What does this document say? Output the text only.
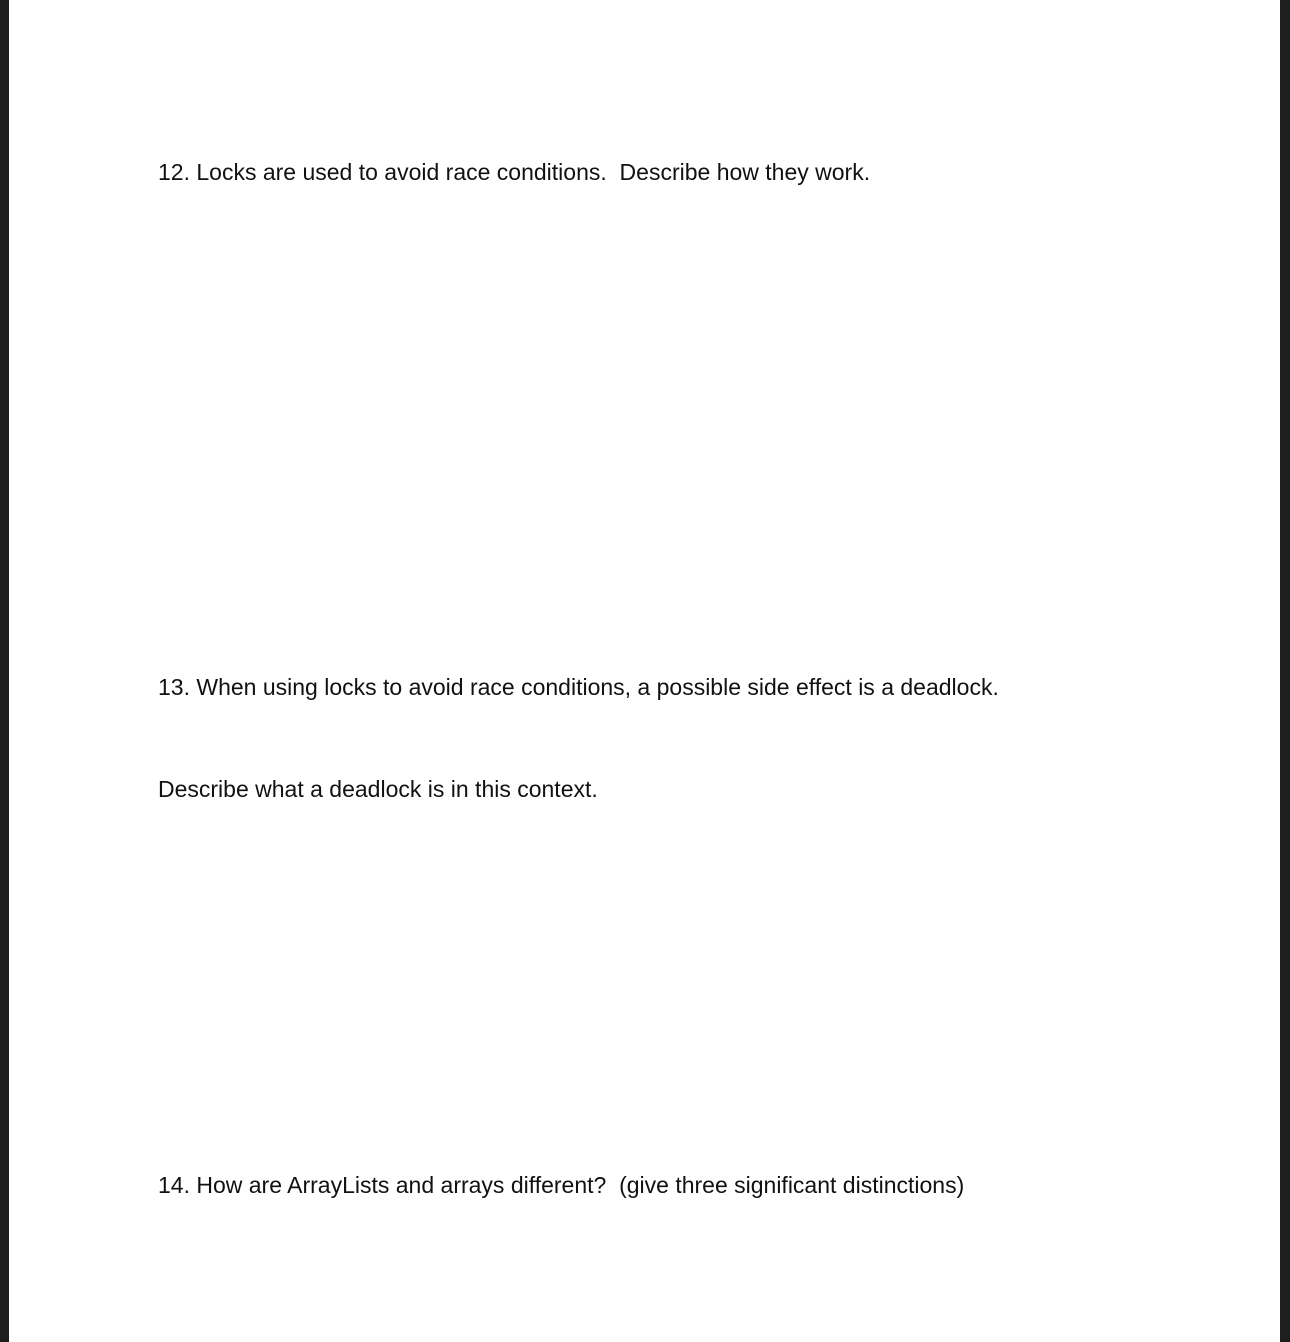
12. Locks are used to avoid race conditions.  Describe how they work.

13. When using locks to avoid race conditions, a possible side effect is a deadlock.

Describe what a deadlock is in this context.

14. How are ArrayLists and arrays different?  (give three significant distinctions)
